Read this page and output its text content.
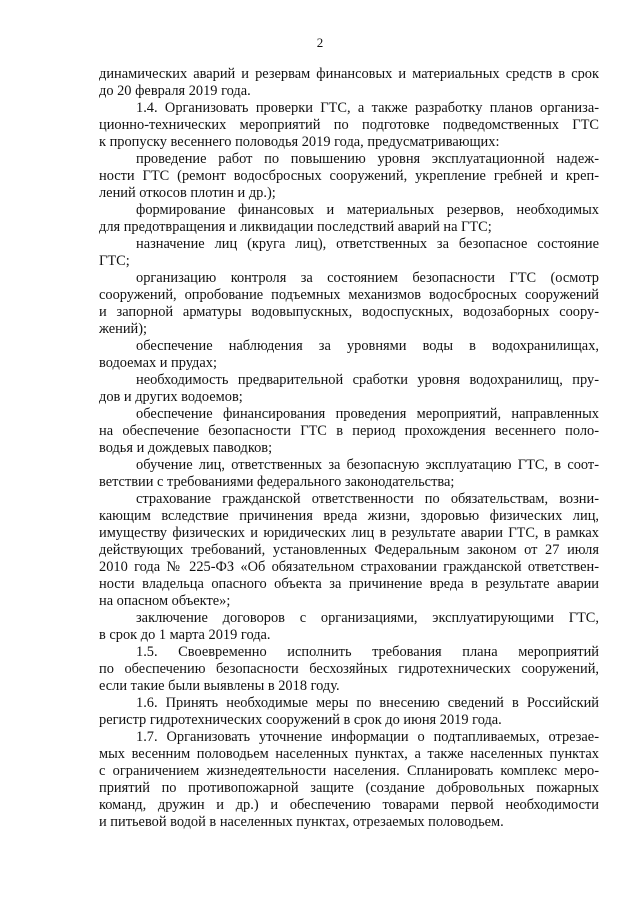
2
динамических аварий и резервам финансовых и материальных средств в срок
до 20 февраля 2019 года.
1.4. Организовать проверки ГТС, а также разработку планов организа-
ционно-технических мероприятий по подготовке подведомственных ГТС
к пропуску весеннего половодья 2019 года, предусматривающих:
проведение работ по повышению уровня эксплуатационной надеж-
ности ГТС (ремонт водосбросных сооружений, укрепление гребней и креп-
лений откосов плотин и др.);
формирование финансовых и материальных резервов, необходимых
для предотвращения и ликвидации последствий аварий на ГТС;
назначение лиц (круга лиц), ответственных за безопасное состояние
ГТС;
организацию контроля за состоянием безопасности ГТС (осмотр
сооружений, опробование подъемных механизмов водосбросных сооружений
и запорной арматуры водовыпускных, водоспускных, водозаборных соору-
жений);
обеспечение наблюдения за уровнями воды в водохранилищах,
водоемах и прудах;
необходимость предварительной сработки уровня водохранилищ, пру-
дов и других водоемов;
обеспечение финансирования проведения мероприятий, направленных
на обеспечение безопасности ГТС в период прохождения весеннего поло-
водья и дождевых паводков;
обучение лиц, ответственных за безопасную эксплуатацию ГТС, в соот-
ветствии с требованиями федерального законодательства;
страхование гражданской ответственности по обязательствам, возни-
кающим вследствие причинения вреда жизни, здоровью физических лиц,
имуществу физических и юридических лиц в результате аварии ГТС, в рамках
действующих требований, установленных Федеральным законом от 27 июля
2010 года № 225-ФЗ «Об обязательном страховании гражданской ответствен-
ности владельца опасного объекта за причинение вреда в результате аварии
на опасном объекте»;
заключение договоров с организациями, эксплуатирующими ГТС,
в срок до 1 марта 2019 года.
1.5. Своевременно исполнить требования плана мероприятий
по обеспечению безопасности бесхозяйных гидротехнических сооружений,
если такие были выявлены в 2018 году.
1.6. Принять необходимые меры по внесению сведений в Российский
регистр гидротехнических сооружений в срок до июня 2019 года.
1.7. Организовать уточнение информации о подтапливаемых, отрезае-
мых весенним половодьем населенных пунктах, а также населенных пунктах
с ограничением жизнедеятельности населения. Спланировать комплекс меро-
приятий по противопожарной защите (создание добровольных пожарных
команд, дружин и др.) и обеспечению товарами первой необходимости
и питьевой водой в населенных пунктах, отрезаемых половодьем.
